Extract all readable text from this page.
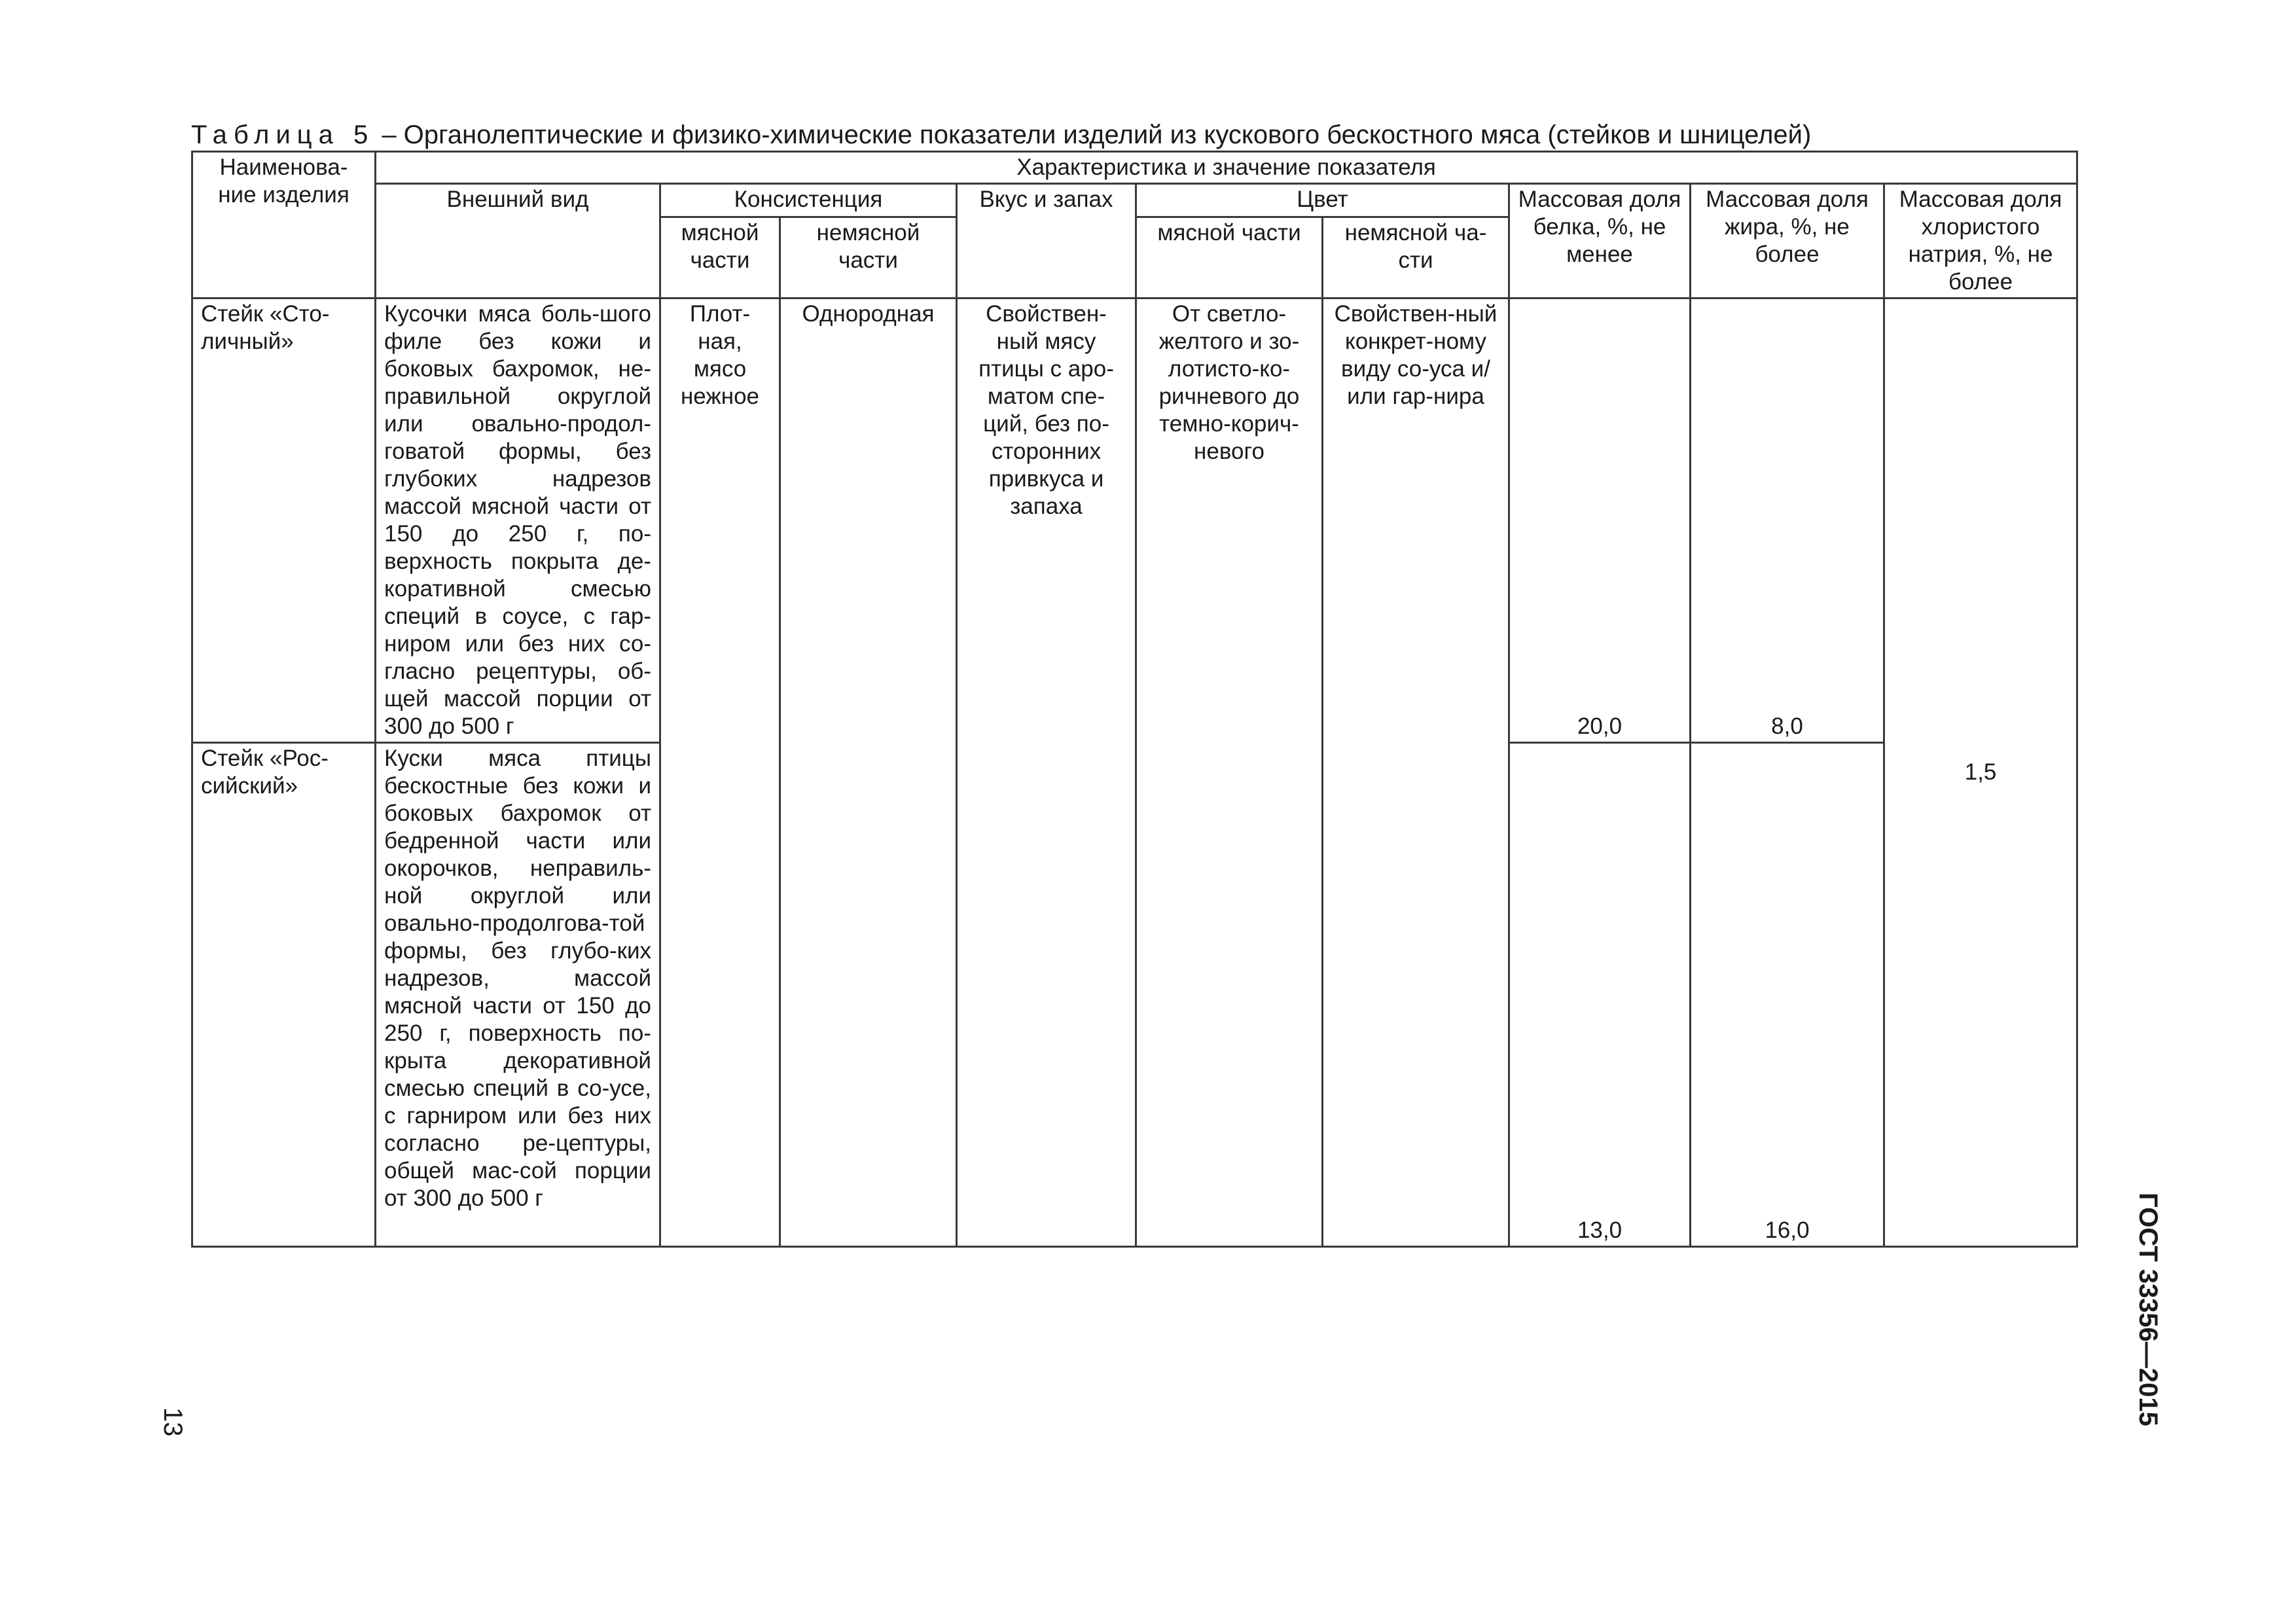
Таблица 5 – Органолептические и физико-химические показатели изделий из кускового бескостного мяса (стейков и шницелей)
Наименова-ние изделия	Характеристика и значение показателя								
	Внешний вид	Консистенция		Вкус и запах	Цвет		Массовая доля белка, %, не менее	Массовая доля жира, %, не более	Массовая доля хлористого натрия, %, не более
		мясной части	немясной части		мясной части	немясной ча-сти			
Стейк «Сто-личный»	Кусочки мяса боль-шого филе без кожи и боковых бахромок, не-правильной округлой или овально-продол-говатой формы, без глубоких надрезов массой мясной части от 150 до 250 г, по-верхность покрыта де-коративной смесью специй в соусе, с гар-ниром или без них со-гласно рецептуры, об-щей массой порции от 300 до 500 г	Плот-ная, мясо нежное	Однородная	Свойствен-ный мясу птицы с аро-матом спе-ций, без по-сторонних привкуса и запаха	От светло-желтого и зо-лотисто-ко-ричневого до темно-корич-невого	Свойствен-ный конкрет-ному виду со-уса и/или гар-нира	20,0	8,0	1,5
Стейк «Рос-сийский»	Куски мяса птицы бескостные без кожи и боковых бахромок от бедренной части или окорочков, неправиль-ной округлой или овально-продолгова-той формы, без глубо-ких надрезов, массой мясной части от 150 до 250 г, поверхность по-крыта декоративной смесью специй в со-усе, с гарниром или без них согласно ре-цептуры, общей мас-сой порции от 300 до 500 г						13,0	16,0		ГОСТ 33356—2015
13
